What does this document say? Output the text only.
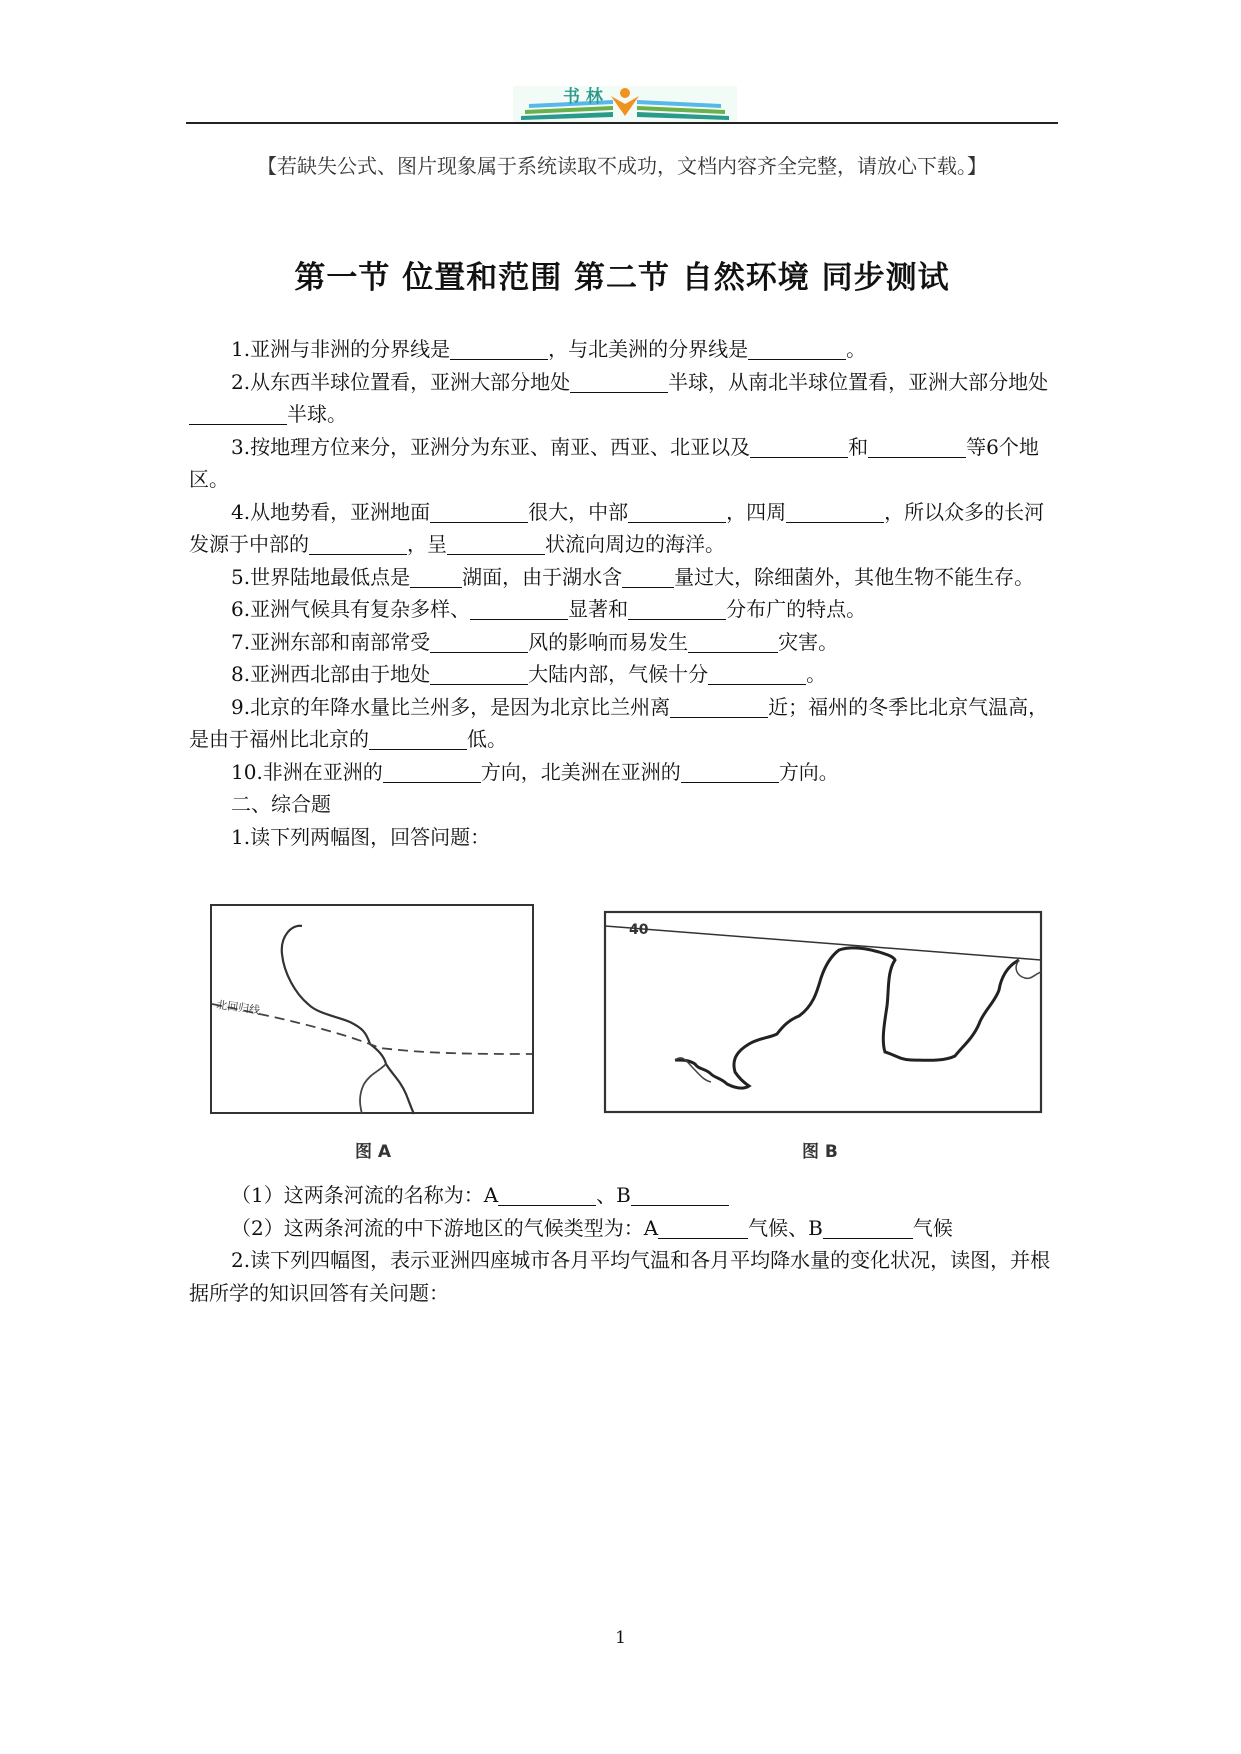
书 林
【若缺失公式、图片现象属于系统读取不成功，文档内容齐全完整，请放心下载。】
第一节 位置和范围 第二节 自然环境 同步测试

1.亚洲与非洲的分界线是	，与北美洲的分界线是	。

2.从东西半球位置看，亚洲大部分地处	半球，从南北半球位置看，亚洲大部分地处半球。

3.按地理方位来分，亚洲分为东亚、南亚、西亚、北亚以及	和	等6个地区。

4.从地势看，亚洲地面	很大，中部	，四周	，所以众多的长河发源于中部的	，呈	状流向周边的海洋。

5.世界陆地最低点是	湖面，由于湖水含	量过大，除细菌外，其他生物不能生存。

6.亚洲气候具有复杂多样、	显著和	分布广的特点。

7.亚洲东部和南部常受	风的影响而易发生	灾害。

8.亚洲西北部由于地处	大陆内部，气候十分	。

9.北京的年降水量比兰州多，是因为北京比兰州离	近；福州的冬季比北京气温高，是由于福州比北京的	低。

10.非洲在亚洲的	方向，北美洲在亚洲的	方向。

二、综合题

1.读下列两幅图，回答问题：

北回归线
图 A
40
图 B

（1）这两条河流的名称为：A	、B

（2）这两条河流的中下游地区的气候类型为：A	气候、B	气候

2.读下列四幅图，表示亚洲四座城市各月平均气温和各月平均降水量的变化状况，读图，并根据所学的知识回答有关问题：

1
